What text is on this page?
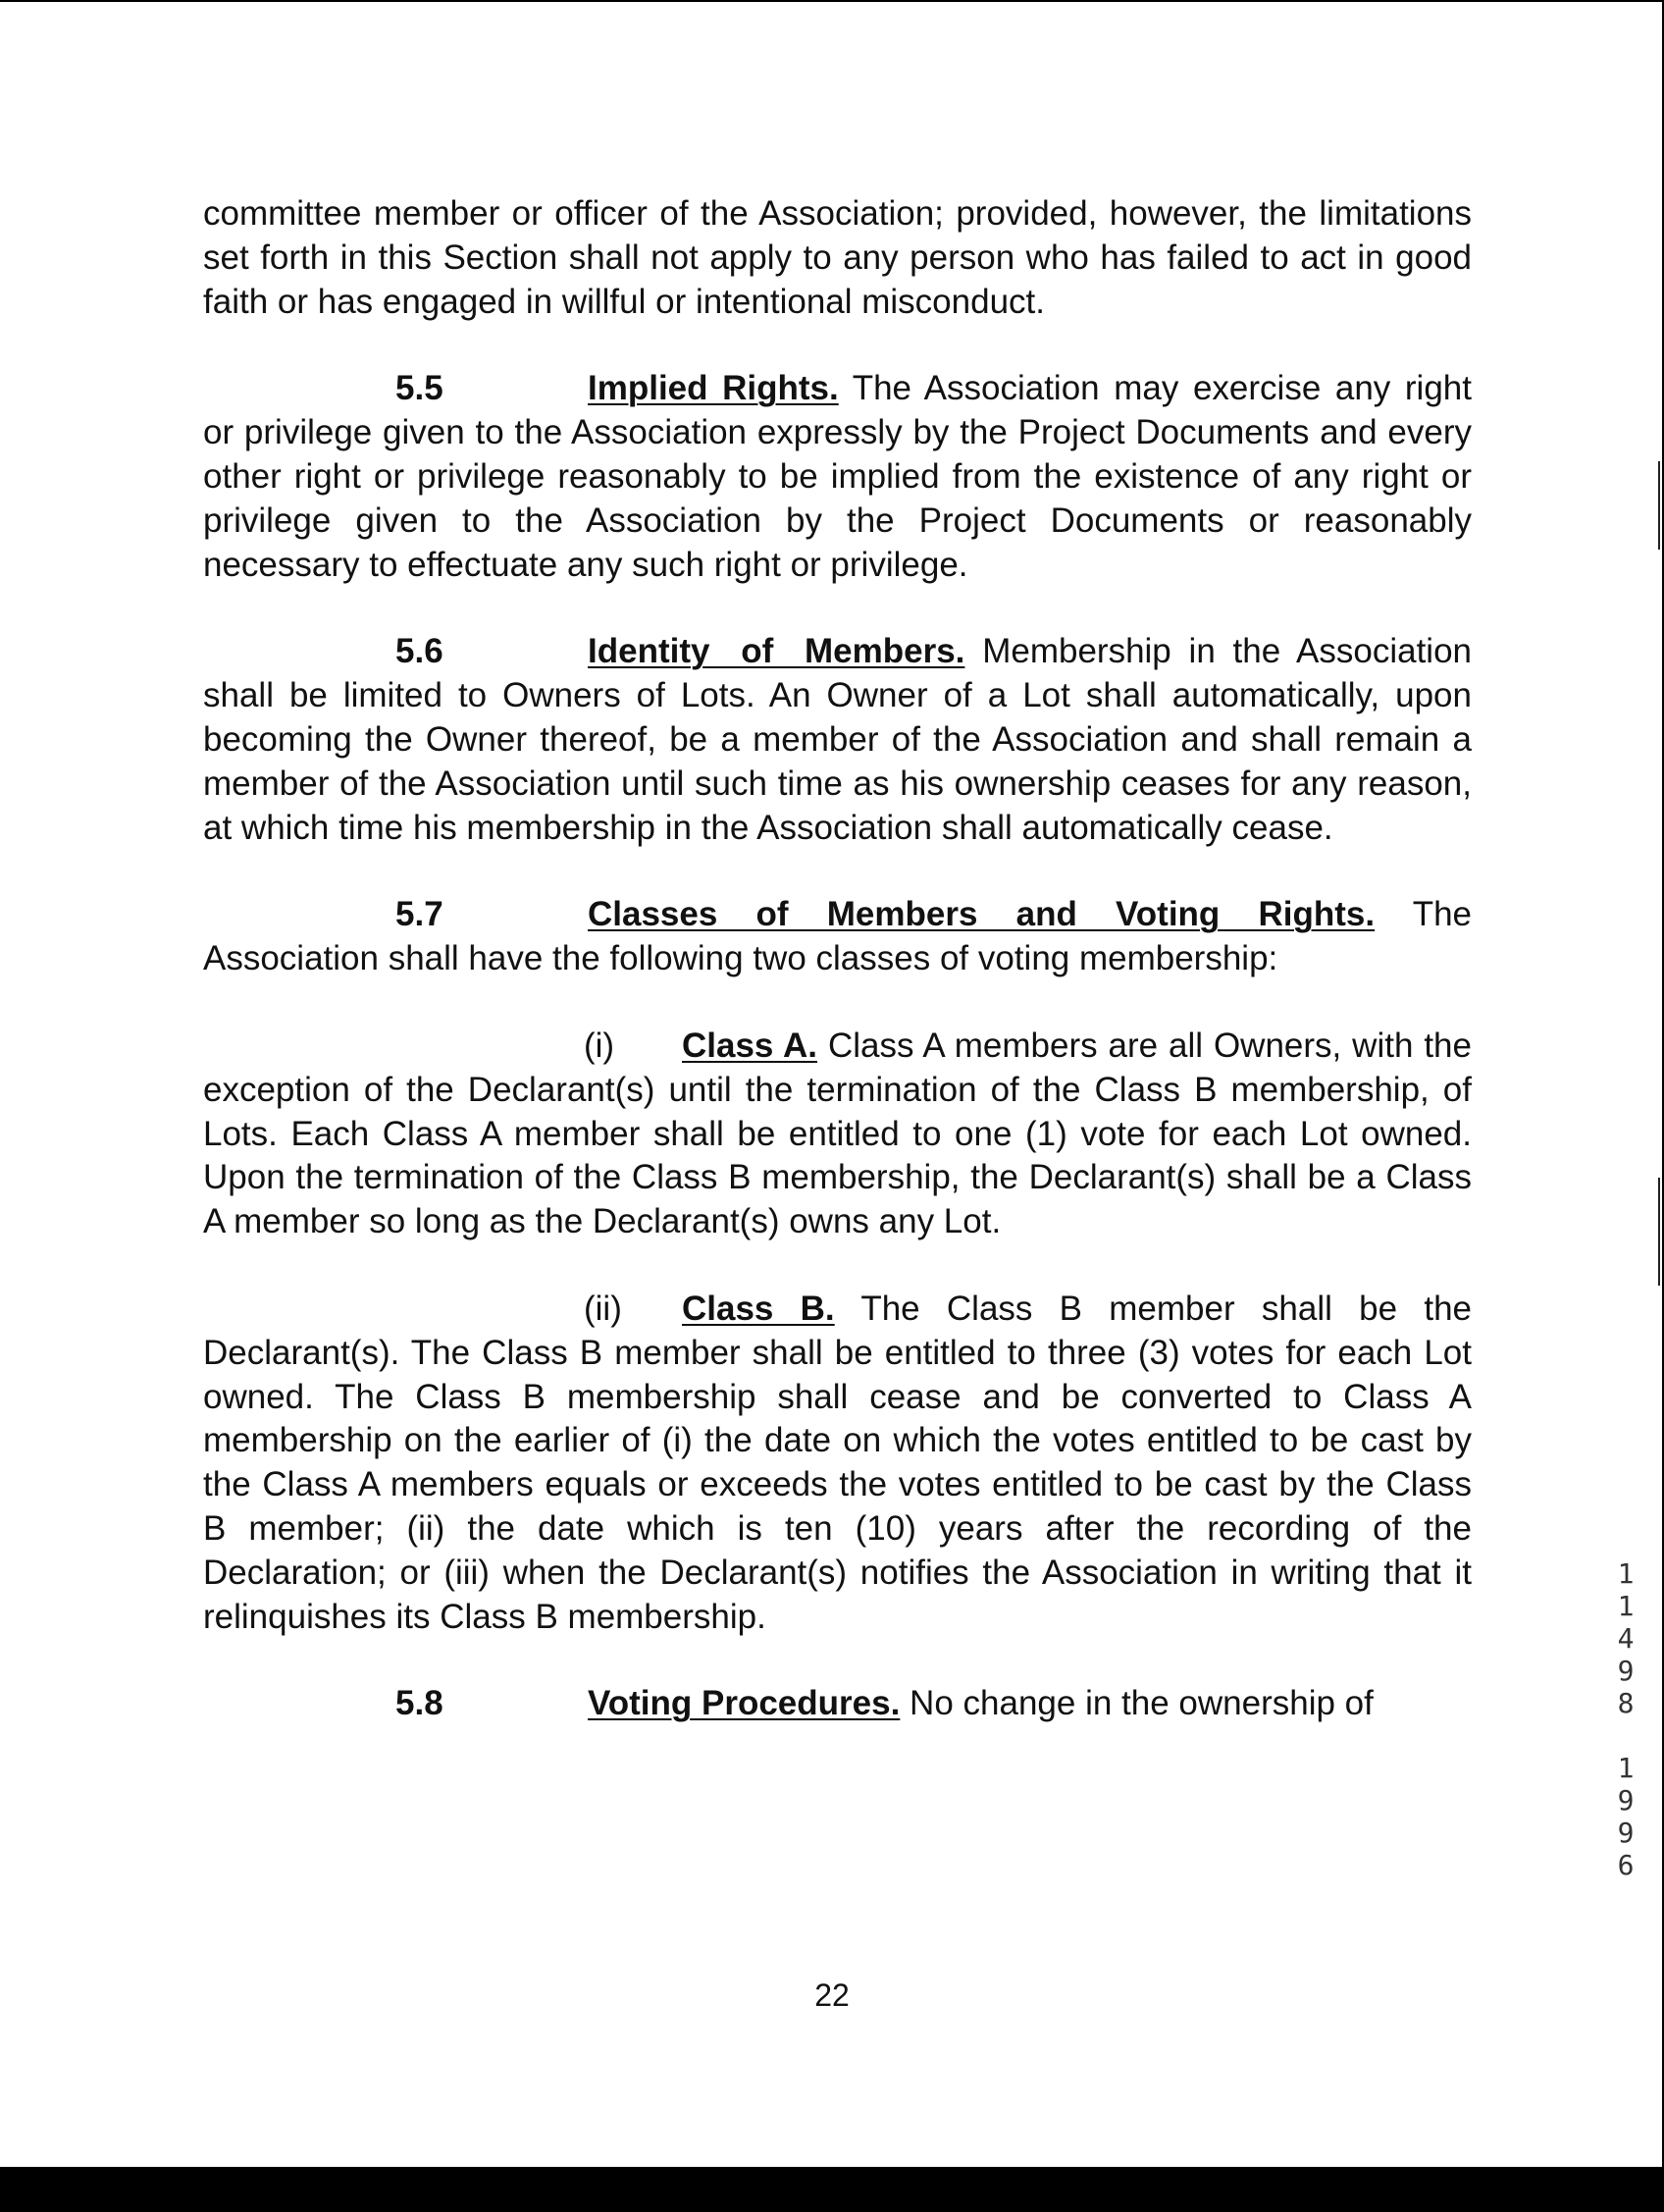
committee member or officer of the Association; provided, however, the limitations set forth in this Section shall not apply to any person who has failed to act in good faith or has engaged in willful or intentional misconduct.

5.5	Implied Rights. The Association may exercise any right or privilege given to the Association expressly by the Project Documents and every other right or privilege reasonably to be implied from the existence of any right or privilege given to the Association by the Project Documents or reasonably necessary to effectuate any such right or privilege.

5.6	Identity of Members. Membership in the Association shall be limited to Owners of Lots. An Owner of a Lot shall automatically, upon becoming the Owner thereof, be a member of the Association and shall remain a member of the Association until such time as his ownership ceases for any reason, at which time his membership in the Association shall automatically cease.

5.7	Classes of Members and Voting Rights. The Association shall have the following two classes of voting membership:

(i) Class A. Class A members are all Owners, with the exception of the Declarant(s) until the termination of the Class B membership, of Lots. Each Class A member shall be entitled to one (1) vote for each Lot owned. Upon the termination of the Class B membership, the Declarant(s) shall be a Class A member so long as the Declarant(s) owns any Lot.

(ii) Class B. The Class B member shall be the Declarant(s). The Class B member shall be entitled to three (3) votes for each Lot owned. The Class B membership shall cease and be converted to Class A membership on the earlier of (i) the date on which the votes entitled to be cast by the Class A members equals or exceeds the votes entitled to be cast by the Class B member; (ii) the date which is ten (10) years after the recording of the Declaration; or (iii) when the Declarant(s) notifies the Association in writing that it relinquishes its Class B membership.

5.8	Voting Procedures. No change in the ownership of

1
1
4
9
8

1
9
9
6
22
